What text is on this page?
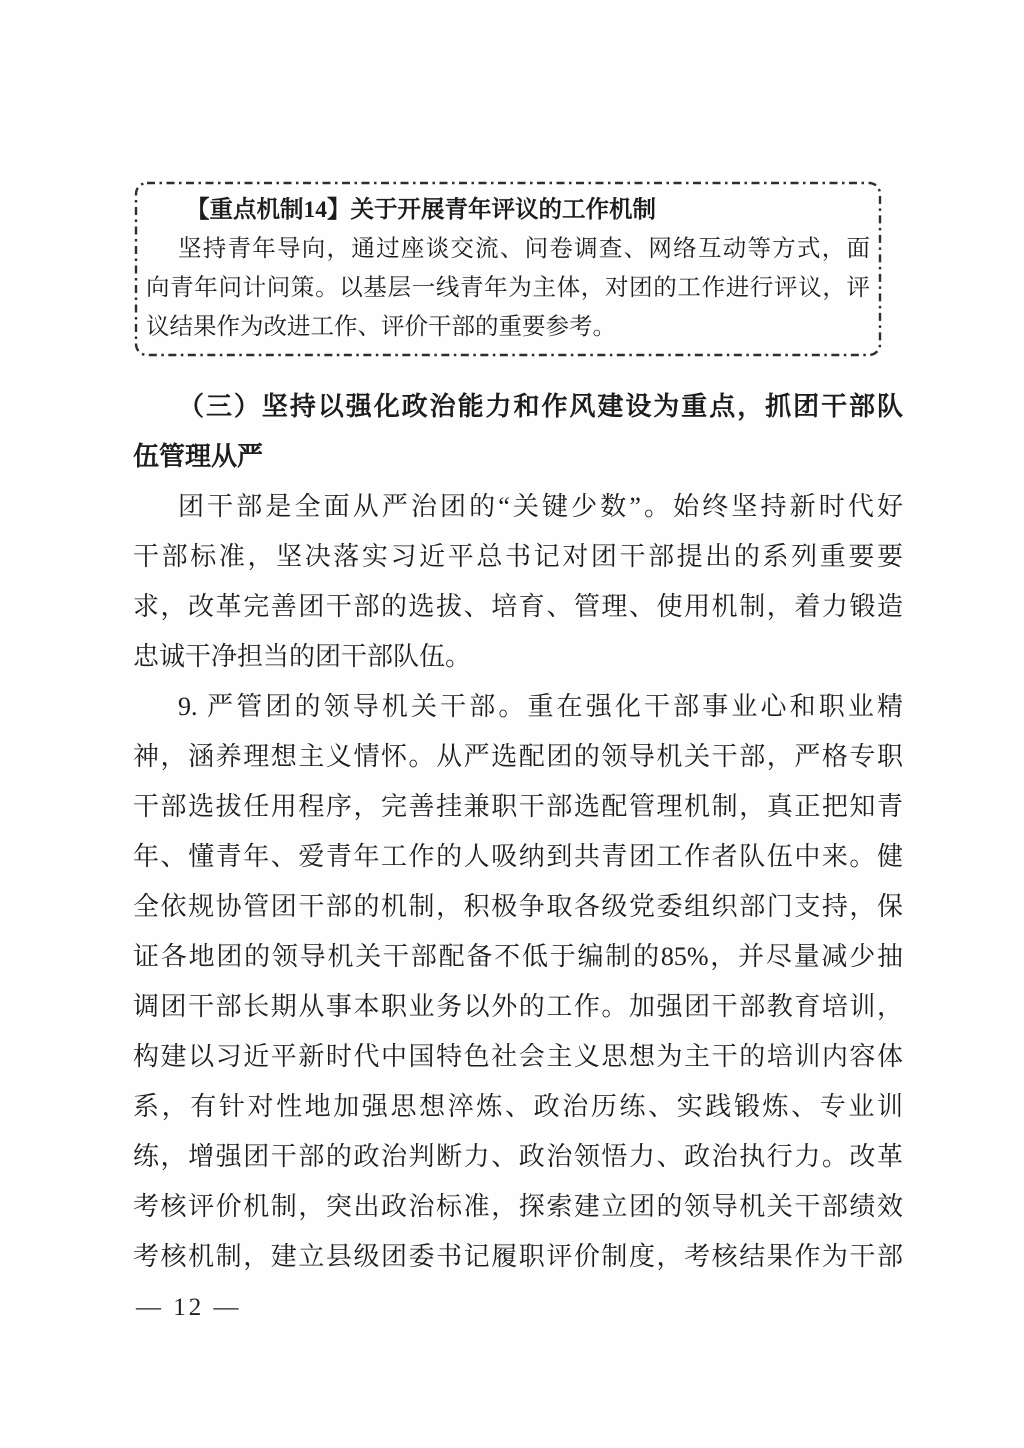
【重点机制14】关于开展青年评议的工作机制
坚持青年导向，通过座谈交流、问卷调查、网络互动等方式，面
向青年问计问策。以基层一线青年为主体，对团的工作进行评议，评
议结果作为改进工作、评价干部的重要参考。
（三）坚持以强化政治能力和作风建设为重点，抓团干部队
伍管理从严
团干部是全面从严治团的“关键少数”。始终坚持新时代好
干部标准，坚决落实习近平总书记对团干部提出的系列重要要
求，改革完善团干部的选拔、培育、管理、使用机制，着力锻造
忠诚干净担当的团干部队伍。
9. 严管团的领导机关干部。重在强化干部事业心和职业精
神，涵养理想主义情怀。从严选配团的领导机关干部，严格专职
干部选拔任用程序，完善挂兼职干部选配管理机制，真正把知青
年、懂青年、爱青年工作的人吸纳到共青团工作者队伍中来。健
全依规协管团干部的机制，积极争取各级党委组织部门支持，保
证各地团的领导机关干部配备不低于编制的85%，并尽量减少抽
调团干部长期从事本职业务以外的工作。加强团干部教育培训，
构建以习近平新时代中国特色社会主义思想为主干的培训内容体
系，有针对性地加强思想淬炼、政治历练、实践锻炼、专业训
练，增强团干部的政治判断力、政治领悟力、政治执行力。改革
考核评价机制，突出政治标准，探索建立团的领导机关干部绩效
考核机制，建立县级团委书记履职评价制度，考核结果作为干部
— 12 —
